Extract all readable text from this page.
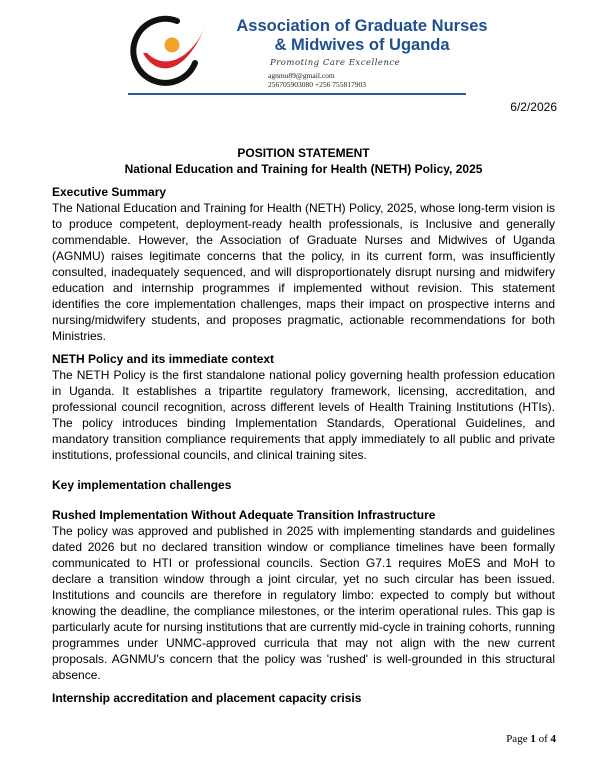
Association of Graduate Nurses
& Midwives of Uganda
Promoting Care Excellence
agnmu89@gmail.com
256705903080 +256 755817903
6/2/2026
POSITION STATEMENT
National Education and Training for Health (NETH) Policy, 2025
Executive Summary

The National Education and Training for Health (NETH) Policy, 2025, whose long-term vision is to produce competent, deployment-ready health professionals, is Inclusive and generally commendable. However, the Association of Graduate Nurses and Midwives of Uganda (AGNMU) raises legitimate concerns that the policy, in its current form, was insufficiently consulted, inadequately sequenced, and will disproportionately disrupt nursing and midwifery education and internship programmes if implemented without revision. This statement identifies the core implementation challenges, maps their impact on prospective interns and nursing/midwifery students, and proposes pragmatic, actionable recommendations for both Ministries.

NETH Policy and its immediate context

The NETH Policy is the first standalone national policy governing health profession education in Uganda. It establishes a tripartite regulatory framework, licensing, accreditation, and professional council recognition, across different levels of Health Training Institutions (HTIs). The policy introduces binding Implementation Standards, Operational Guidelines, and mandatory transition compliance requirements that apply immediately to all public and private institutions, professional councils, and clinical training sites.

Key implementation challenges
Rushed Implementation Without Adequate Transition Infrastructure

The policy was approved and published in 2025 with implementing standards and guidelines dated 2026 but no declared transition window or compliance timelines have been formally communicated to HTI or professional councils. Section G7.1 requires MoES and MoH to declare a transition window through a joint circular, yet no such circular has been issued. Institutions and councils are therefore in regulatory limbo: expected to comply but without knowing the deadline, the compliance milestones, or the interim operational rules. This gap is particularly acute for nursing institutions that are currently mid-cycle in training cohorts, running programmes under UNMC-approved curricula that may not align with the new current proposals. AGNMU's concern that the policy was 'rushed' is well-grounded in this structural absence.

Internship accreditation and placement capacity crisis
Page 1 of 4
